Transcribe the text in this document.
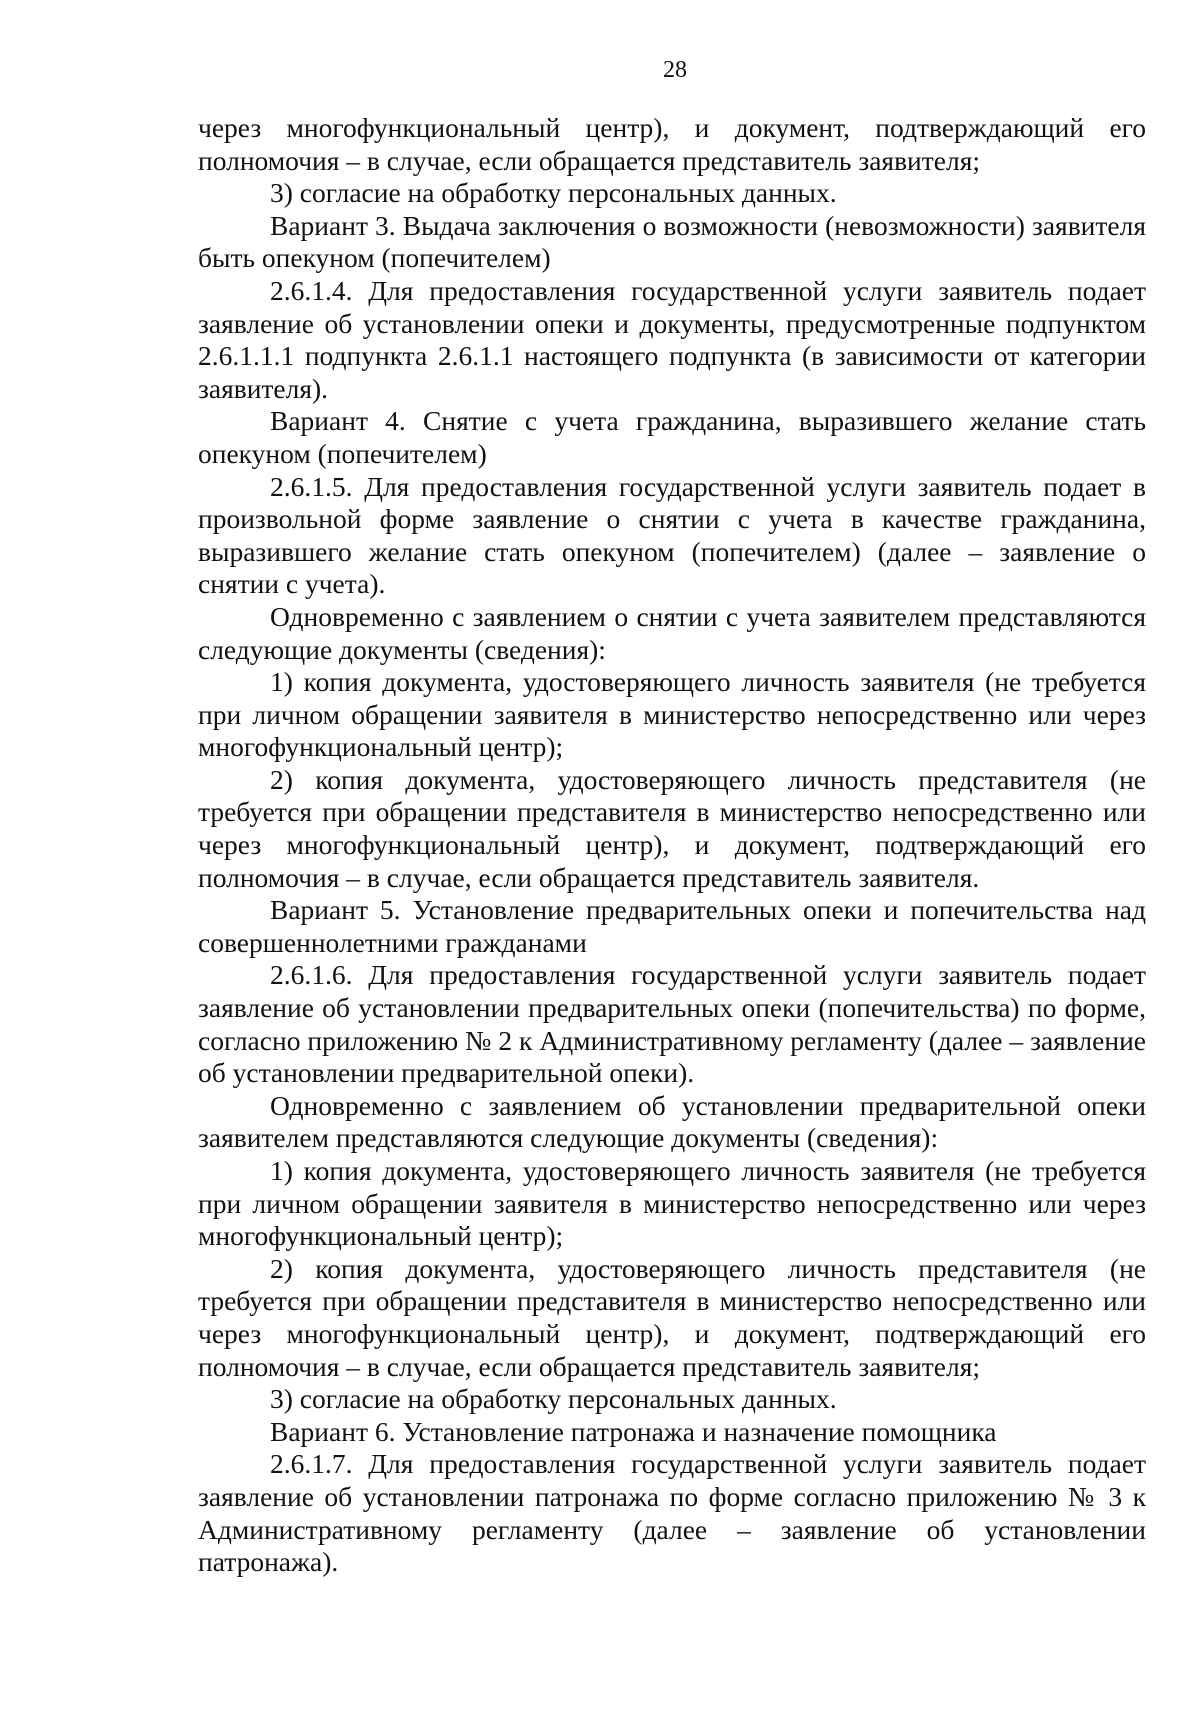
28

через многофункциональный центр), и документ, подтверждающий его полномочия – в случае, если обращается представитель заявителя;

3) согласие на обработку персональных данных.

Вариант 3. Выдача заключения о возможности (невозможности) заявителя быть опекуном (попечителем)

2.6.1.4. Для предоставления государственной услуги заявитель подает заявление об установлении опеки и документы, предусмотренные подпунктом 2.6.1.1.1 подпункта 2.6.1.1 настоящего подпункта (в зависимости от категории заявителя).

Вариант 4. Снятие с учета гражданина, выразившего желание стать опекуном (попечителем)

2.6.1.5. Для предоставления государственной услуги заявитель подает в произвольной форме заявление о снятии с учета в качестве гражданина, выразившего желание стать опекуном (попечителем) (далее – заявление о снятии с учета).

Одновременно с заявлением о снятии с учета заявителем представляются следующие документы (сведения):

1) копия документа, удостоверяющего личность заявителя (не требуется при личном обращении заявителя в министерство непосредственно или через многофункциональный центр);

2) копия документа, удостоверяющего личность представителя (не требуется при обращении представителя в министерство непосредственно или через многофункциональный центр), и документ, подтверждающий его полномочия – в случае, если обращается представитель заявителя.

Вариант 5. Установление предварительных опеки и попечительства над совершеннолетними гражданами

2.6.1.6. Для предоставления государственной услуги заявитель подает заявление об установлении предварительных опеки (попечительства) по форме, согласно приложению № 2 к Административному регламенту (далее – заявление об установлении предварительной опеки).

Одновременно с заявлением об установлении предварительной опеки заявителем представляются следующие документы (сведения):

1) копия документа, удостоверяющего личность заявителя (не требуется при личном обращении заявителя в министерство непосредственно или через многофункциональный центр);

2) копия документа, удостоверяющего личность представителя (не требуется при обращении представителя в министерство непосредственно или через многофункциональный центр), и документ, подтверждающий его полномочия – в случае, если обращается представитель заявителя;

3) согласие на обработку персональных данных.

Вариант 6. Установление патронажа и назначение помощника

2.6.1.7. Для предоставления государственной услуги заявитель подает заявление об установлении патронажа по форме согласно приложению № 3 к Административному регламенту (далее – заявление об установлении патронажа).
